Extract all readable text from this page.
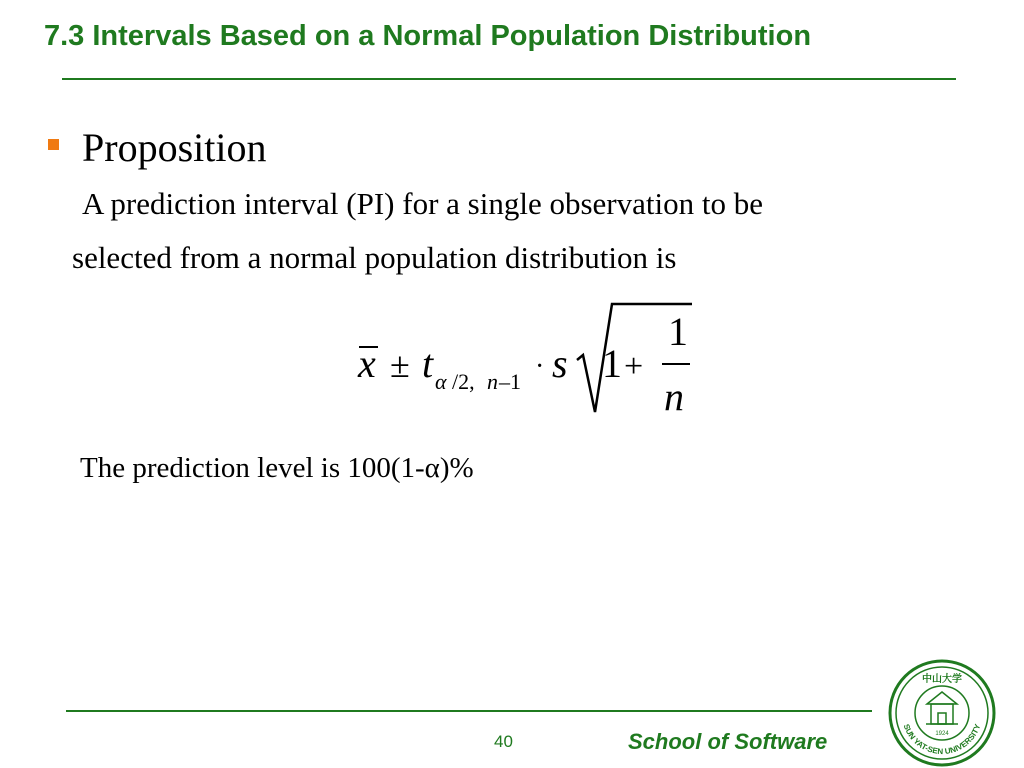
7.3 Intervals Based on a Normal Population Distribution
Proposition
A prediction interval (PI) for a single observation to be
selected from a normal population distribution is
x ± t α /2, n –1 · s 1 +
1
n
The prediction level is 100(1-α)%
40	School of Software
中山大学
SUN YAT-SEN UNIVERSITY
1924
